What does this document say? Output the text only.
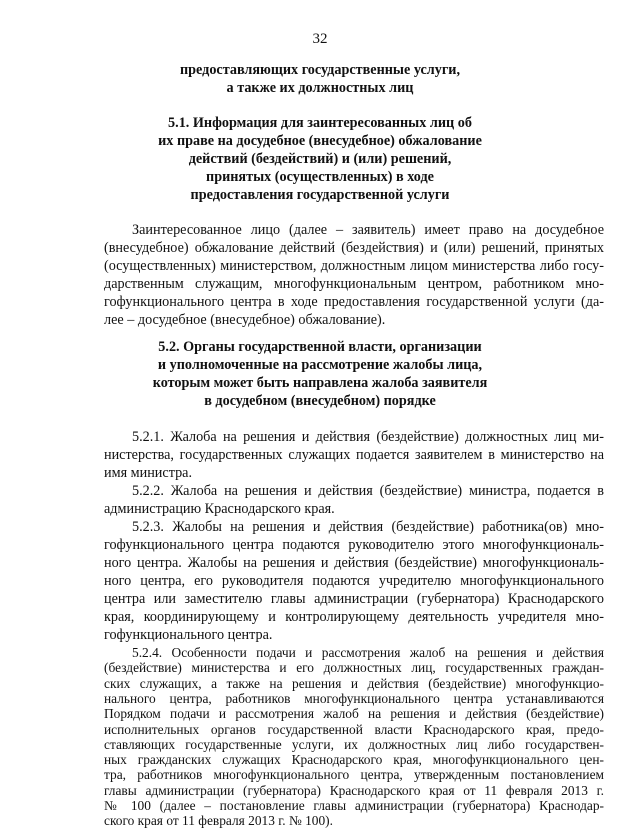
32
предоставляющих государственные услуги,
а также их должностных лиц
5.1. Информация для заинтересованных лиц об
их праве на досудебное (внесудебное) обжалование
действий (бездействий) и (или) решений,
принятых (осуществленных) в ходе
предоставления государственной услуги
Заинтересованное лицо (далее – заявитель) имеет право на досудебное
(внесудебное) обжалование действий (бездействия) и (или) решений, принятых
(осуществленных) министерством, должностным лицом министерства либо госу-
дарственным служащим, многофункциональным центром, работником мно-
гофункционального центра в ходе предоставления государственной услуги (да-
лее – досудебное (внесудебное) обжалование).
5.2. Органы государственной власти, организации
и уполномоченные на рассмотрение жалобы лица,
которым может быть направлена жалоба заявителя
в досудебном (внесудебном) порядке
5.2.1. Жалоба на решения и действия (бездействие) должностных лиц ми-
нистерства, государственных служащих подается заявителем в министерство на
имя министра.
5.2.2. Жалоба на решения и действия (бездействие) министра, подается в
администрацию Краснодарского края.
5.2.3. Жалобы на решения и действия (бездействие) работника(ов) мно-
гофункционального центра подаются руководителю этого многофункциональ-
ного центра. Жалобы на решения и действия (бездействие) многофункциональ-
ного центра, его руководителя подаются учредителю многофункционального
центра или заместителю главы администрации (губернатора) Краснодарского
края, координирующему и контролирующему деятельность учредителя мно-
гофункционального центра.
5.2.4. Особенности подачи и рассмотрения жалоб на решения и действия
(бездействие) министерства и его должностных лиц, государственных граждан-
ских служащих, а также на решения и действия (бездействие) многофункцио-
нального центра, работников многофункционального центра устанавливаются
Порядком подачи и рассмотрения жалоб на решения и действия (бездействие)
исполнительных органов государственной власти Краснодарского края, предо-
ставляющих государственные услуги, их должностных лиц либо государствен-
ных гражданских служащих Краснодарского края, многофункционального цен-
тра, работников многофункционального центра, утвержденным постановлением
главы администрации (губернатора) Краснодарского края от 11 февраля 2013 г.
№ 100 (далее – постановление главы администрации (губернатора) Краснодар-
ского края от 11 февраля 2013 г. № 100).
